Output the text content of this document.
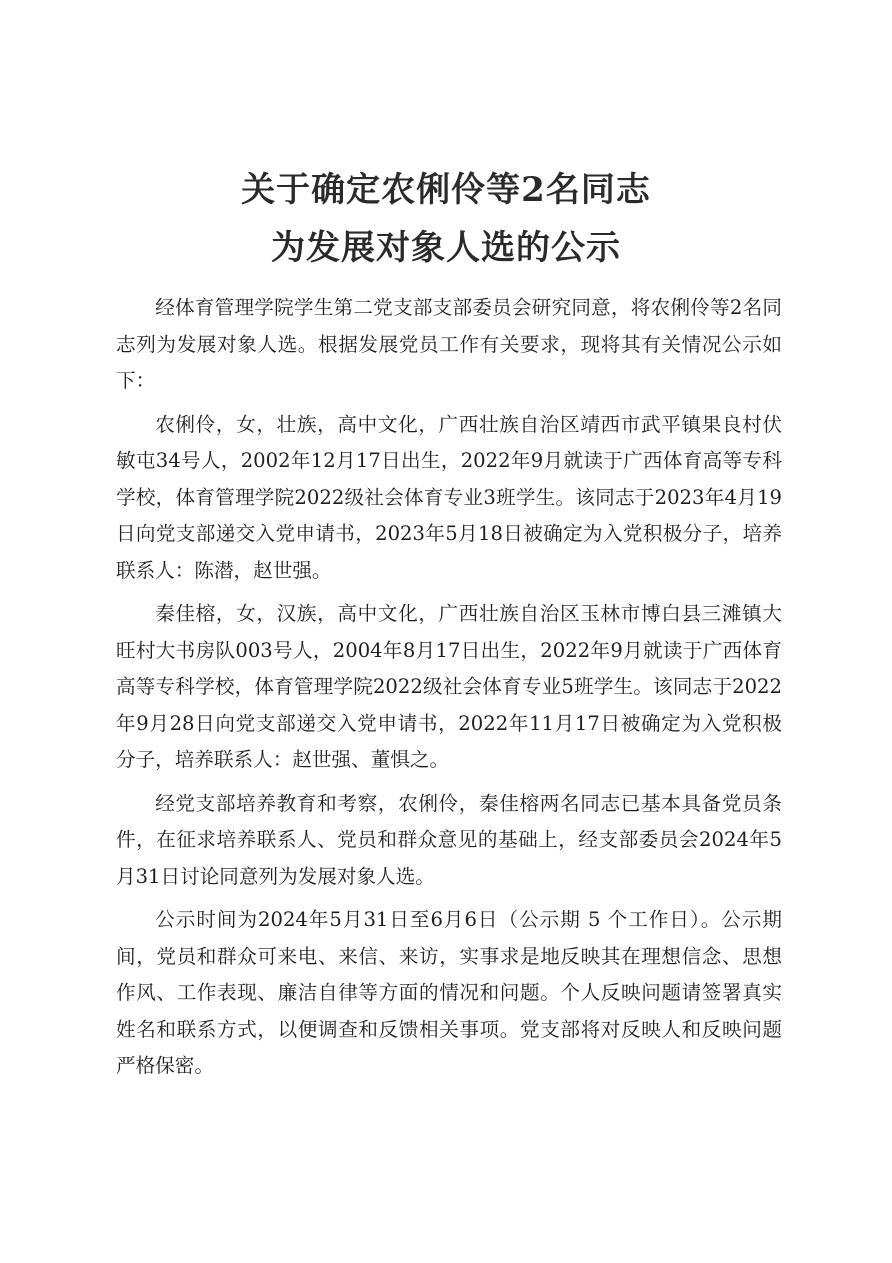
关于确定农俐伶等2名同志
为发展对象人选的公示

经体育管理学院学生第二党支部支部委员会研究同意，将农俐伶等2名同志列为发展对象人选。根据发展党员工作有关要求，现将其有关情况公示如下：

农俐伶，女，壮族，高中文化，广西壮族自治区靖西市武平镇果良村伏敏屯34号人，2002年12月17日出生，2022年9月就读于广西体育高等专科学校，体育管理学院2022级社会体育专业3班学生。该同志于2023年4月19日向党支部递交入党申请书，2023年5月18日被确定为入党积极分子，培养联系人：陈潜，赵世强。

秦佳榕，女，汉族，高中文化，广西壮族自治区玉林市博白县三滩镇大旺村大书房队003号人，2004年8月17日出生，2022年9月就读于广西体育高等专科学校，体育管理学院2022级社会体育专业5班学生。该同志于2022年9月28日向党支部递交入党申请书，2022年11月17日被确定为入党积极分子，培养联系人：赵世强、董惧之。

经党支部培养教育和考察，农俐伶，秦佳榕两名同志已基本具备党员条件，在征求培养联系人、党员和群众意见的基础上，经支部委员会2024年5月31日讨论同意列为发展对象人选。

公示时间为2024年5月31日至6月6日（公示期 5 个工作日）。公示期间，党员和群众可来电、来信、来访，实事求是地反映其在理想信念、思想作风、工作表现、廉洁自律等方面的情况和问题。个人反映问题请签署真实姓名和联系方式，以便调查和反馈相关事项。党支部将对反映人和反映问题严格保密。
